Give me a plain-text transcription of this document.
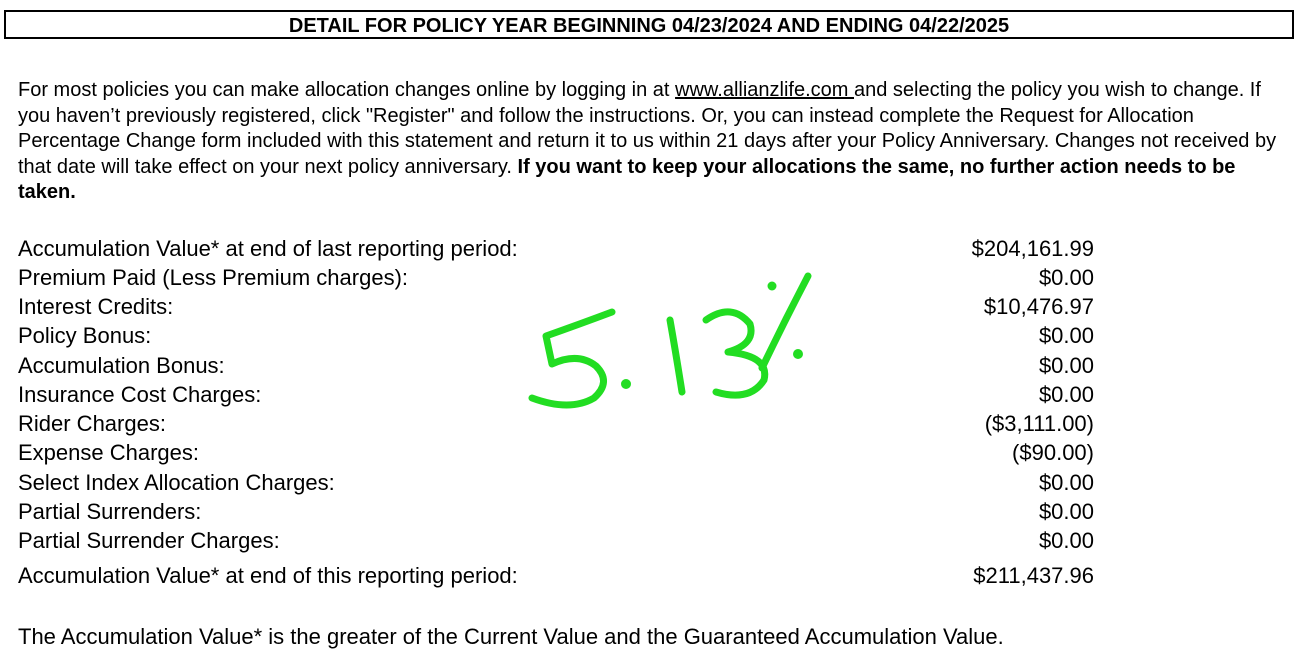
DETAIL FOR POLICY YEAR BEGINNING 04/23/2024 AND ENDING 04/22/2025
For most policies you can make allocation changes online by logging in at www.allianzlife.com and selecting the policy you wish to change. If you haven’t previously registered, click "Register" and follow the instructions. Or, you can instead complete the Request for Allocation Percentage Change form included with this statement and return it to us within 21 days after your Policy Anniversary. Changes not received by that date will take effect on your next policy anniversary. If you want to keep your allocations the same, no further action needs to be taken.
Accumulation Value* at end of last reporting period:	$204,161.99
Premium Paid (Less Premium charges):	$0.00
Interest Credits:	$10,476.97
Policy Bonus:	$0.00
Accumulation Bonus:	$0.00
Insurance Cost Charges:	$0.00
Rider Charges:	($3,111.00)
Expense Charges:	($90.00)
Select Index Allocation Charges:	$0.00
Partial Surrenders:	$0.00
Partial Surrender Charges:	$0.00
Accumulation Value* at end of this reporting period:	$211,437.96
The Accumulation Value* is the greater of the Current Value and the Guaranteed Accumulation Value.
